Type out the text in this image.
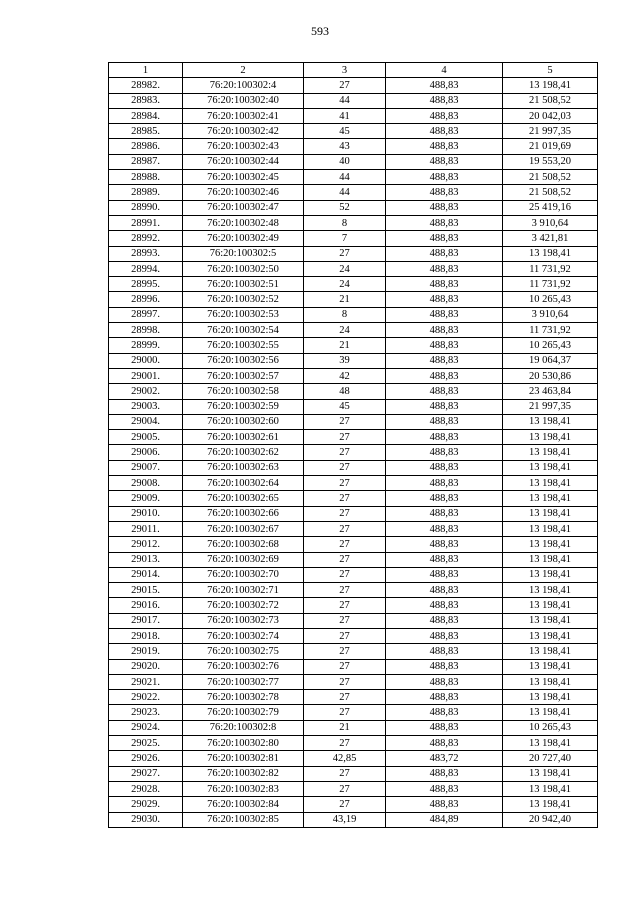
593
1	2	3	4	5
28982.	76:20:100302:4	27	488,83	13 198,41
28983.	76:20:100302:40	44	488,83	21 508,52
28984.	76:20:100302:41	41	488,83	20 042,03
28985.	76:20:100302:42	45	488,83	21 997,35
28986.	76:20:100302:43	43	488,83	21 019,69
28987.	76:20:100302:44	40	488,83	19 553,20
28988.	76:20:100302:45	44	488,83	21 508,52
28989.	76:20:100302:46	44	488,83	21 508,52
28990.	76:20:100302:47	52	488,83	25 419,16
28991.	76:20:100302:48	8	488,83	3 910,64
28992.	76:20:100302:49	7	488,83	3 421,81
28993.	76:20:100302:5	27	488,83	13 198,41
28994.	76:20:100302:50	24	488,83	11 731,92
28995.	76:20:100302:51	24	488,83	11 731,92
28996.	76:20:100302:52	21	488,83	10 265,43
28997.	76:20:100302:53	8	488,83	3 910,64
28998.	76:20:100302:54	24	488,83	11 731,92
28999.	76:20:100302:55	21	488,83	10 265,43
29000.	76:20:100302:56	39	488,83	19 064,37
29001.	76:20:100302:57	42	488,83	20 530,86
29002.	76:20:100302:58	48	488,83	23 463,84
29003.	76:20:100302:59	45	488,83	21 997,35
29004.	76:20:100302:60	27	488,83	13 198,41
29005.	76:20:100302:61	27	488,83	13 198,41
29006.	76:20:100302:62	27	488,83	13 198,41
29007.	76:20:100302:63	27	488,83	13 198,41
29008.	76:20:100302:64	27	488,83	13 198,41
29009.	76:20:100302:65	27	488,83	13 198,41
29010.	76:20:100302:66	27	488,83	13 198,41
29011.	76:20:100302:67	27	488,83	13 198,41
29012.	76:20:100302:68	27	488,83	13 198,41
29013.	76:20:100302:69	27	488,83	13 198,41
29014.	76:20:100302:70	27	488,83	13 198,41
29015.	76:20:100302:71	27	488,83	13 198,41
29016.	76:20:100302:72	27	488,83	13 198,41
29017.	76:20:100302:73	27	488,83	13 198,41
29018.	76:20:100302:74	27	488,83	13 198,41
29019.	76:20:100302:75	27	488,83	13 198,41
29020.	76:20:100302:76	27	488,83	13 198,41
29021.	76:20:100302:77	27	488,83	13 198,41
29022.	76:20:100302:78	27	488,83	13 198,41
29023.	76:20:100302:79	27	488,83	13 198,41
29024.	76:20:100302:8	21	488,83	10 265,43
29025.	76:20:100302:80	27	488,83	13 198,41
29026.	76:20:100302:81	42,85	483,72	20 727,40
29027.	76:20:100302:82	27	488,83	13 198,41
29028.	76:20:100302:83	27	488,83	13 198,41
29029.	76:20:100302:84	27	488,83	13 198,41
29030.	76:20:100302:85	43,19	484,89	20 942,40
